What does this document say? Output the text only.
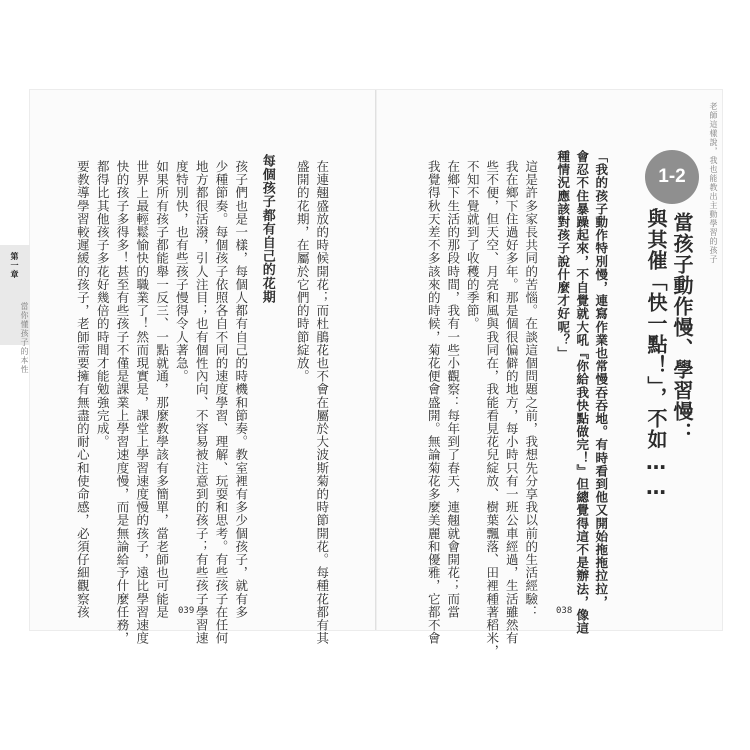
老師這樣說，我也能教出主動學習的孩子
1-2
當孩子動作慢、學習慢：
與其催「快一點！」，不如……
「我的孩子動作特別慢，連寫作業也常慢吞吞地。有時看到他又開始拖拖拉拉，
會忍不住暴躁起來，不自覺就大吼『你給我快點做完！』但總覺得這不是辦法，像這
種情況應該對孩子說什麼才好呢？」
這是許多家長共同的苦惱。在談這個問題之前，我想先分享我以前的生活經驗：
我在鄉下住過好多年。那是個很偏僻的地方，每小時只有一班公車經過，生活雖然有
些不便，但天空、月亮和風與我同在，我能看見花兒綻放、樹葉飄落、田裡種著稻米，
不知不覺就到了收穫的季節。
在鄉下生活的那段時間，我有一些小觀察：每年到了春天，連翹就會開花；而當
我覺得秋天差不多該來的時候，菊花便會盛開。無論菊花多麼美麗和優雅，它都不會	038
第一章
當你懂孩子的本性	在連翹盛放的時候開花；而杜鵑花也不會在屬於大波斯菊的時節開花。每種花都有其
盛開的花期，在屬於它們的時節綻放。
每個孩子都有自己的花期
孩子們也是一樣，每個人都有自己的時機和節奏。教室裡有多少個孩子，就有多
少種節奏。每個孩子依照各自不同的速度學習、理解、玩耍和思考。有些孩子在任何
地方都很活潑，引人注目；也有個性內向、不容易被注意到的孩子；有些孩子學習速
度特別快，也有些孩子慢得令人著急。
如果所有孩子都能舉一反三、一點就通，那麼教學該有多簡單，當老師也可能是
世界上最輕鬆愉快的職業了！然而現實是，課堂上學習速度慢的孩子，遠比學習速度
快的孩子多得多！甚至有些孩子不僅是課業上學習速度慢，而是無論給予什麼任務，
都得比其他孩子多花好幾倍的時間才能勉強完成。
要教導學習較遲緩的孩子，老師需要擁有無盡的耐心和使命感，必須仔細觀察孩	039
